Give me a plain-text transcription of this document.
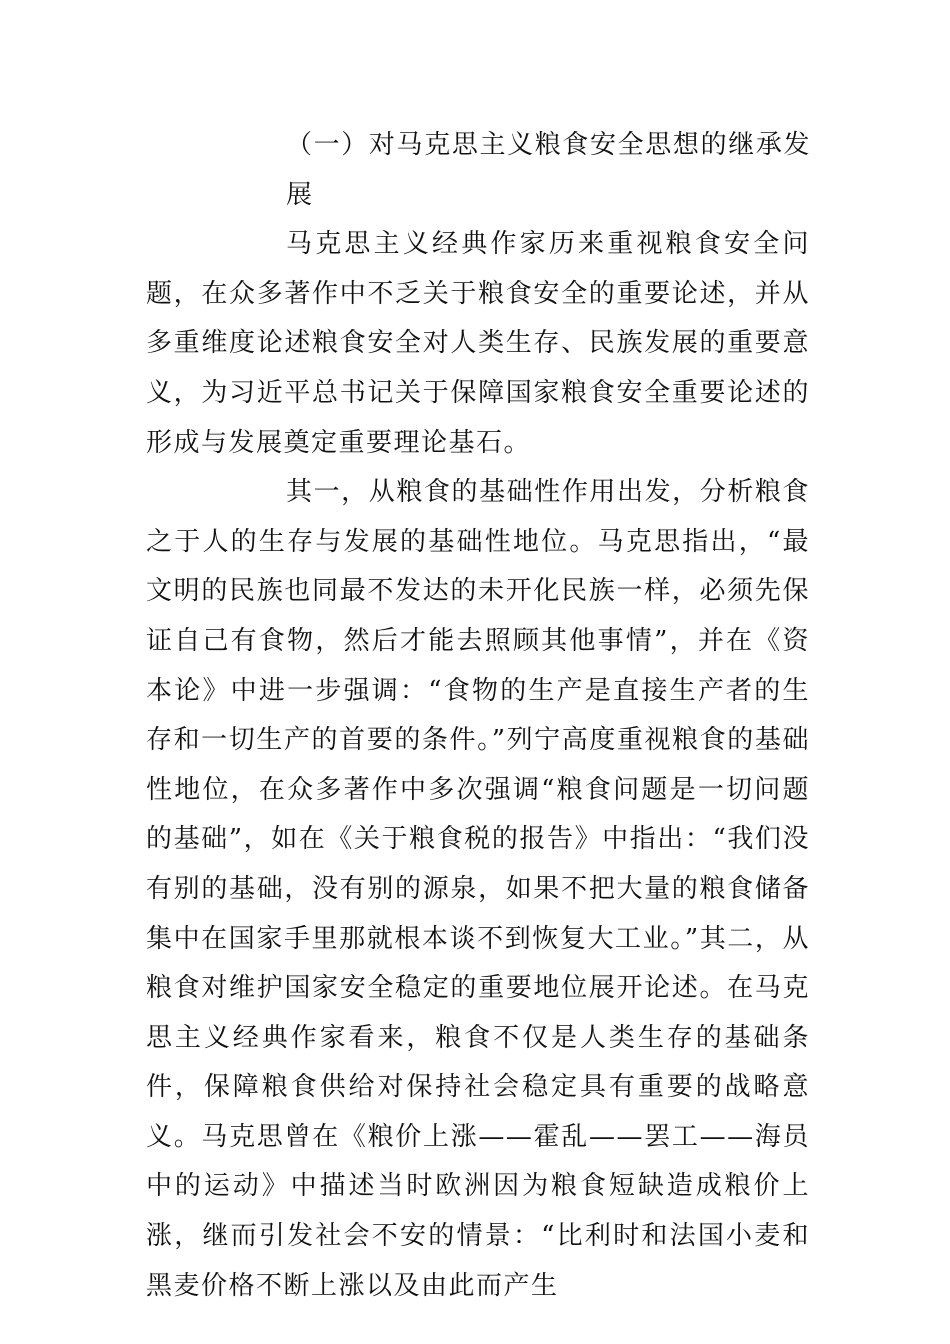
（一）对马克思主义粮食安全思想的继承发展

马克思主义经典作家历来重视粮食安全问题，在众多著作中不乏关于粮食安全的重要论述，并从多重维度论述粮食安全对人类生存、民族发展的重要意义，为习近平总书记关于保障国家粮食安全重要论述的形成与发展奠定重要理论基石。

其一，从粮食的基础性作用出发，分析粮食之于人的生存与发展的基础性地位。马克思指出，“最文明的民族也同最不发达的未开化民族一样，必须先保证自己有食物，然后才能去照顾其他事情”，并在《资本论》中进一步强调：“食物的生产是直接生产者的生存和一切生产的首要的条件。”列宁高度重视粮食的基础性地位，在众多著作中多次强调“粮食问题是一切问题的基础”，如在《关于粮食税的报告》中指出：“我们没有别的基础，没有别的源泉，如果不把大量的粮食储备集中在国家手里那就根本谈不到恢复大工业。”其二，从粮食对维护国家安全稳定的重要地位展开论述。在马克思主义经典作家看来，粮食不仅是人类生存的基础条件，保障粮食供给对保持社会稳定具有重要的战略意义。马克思曾在《粮价上涨——霍乱——罢工——海员中的运动》中描述当时欧洲因为粮食短缺造成粮价上涨，继而引发社会不安的情景：“比利时和法国小麦和黑麦价格不断上涨以及由此而产生
